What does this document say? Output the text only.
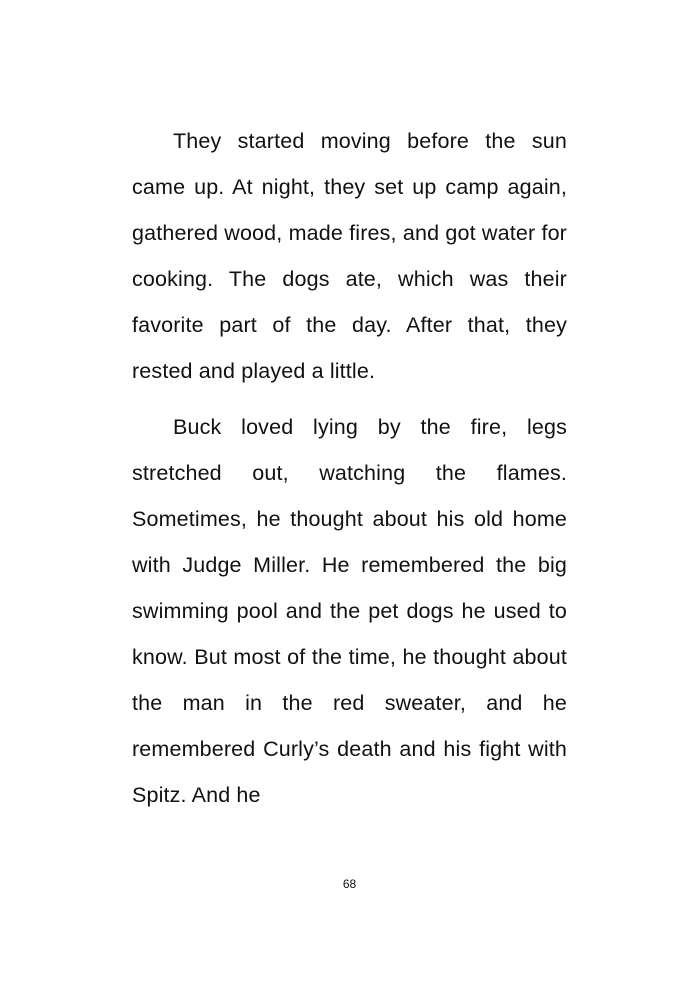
They started moving before the sun came up. At night, they set up camp again, gathered wood, made fires, and got water for cooking. The dogs ate, which was their favorite part of the day. After that, they rested and played a little.

Buck loved lying by the fire, legs stretched out, watching the flames. Sometimes, he thought about his old home with Judge Miller. He remembered the big swimming pool and the pet dogs he used to know. But most of the time, he thought about the man in the red sweater, and he remembered Curly’s death and his fight with Spitz. And he

68
